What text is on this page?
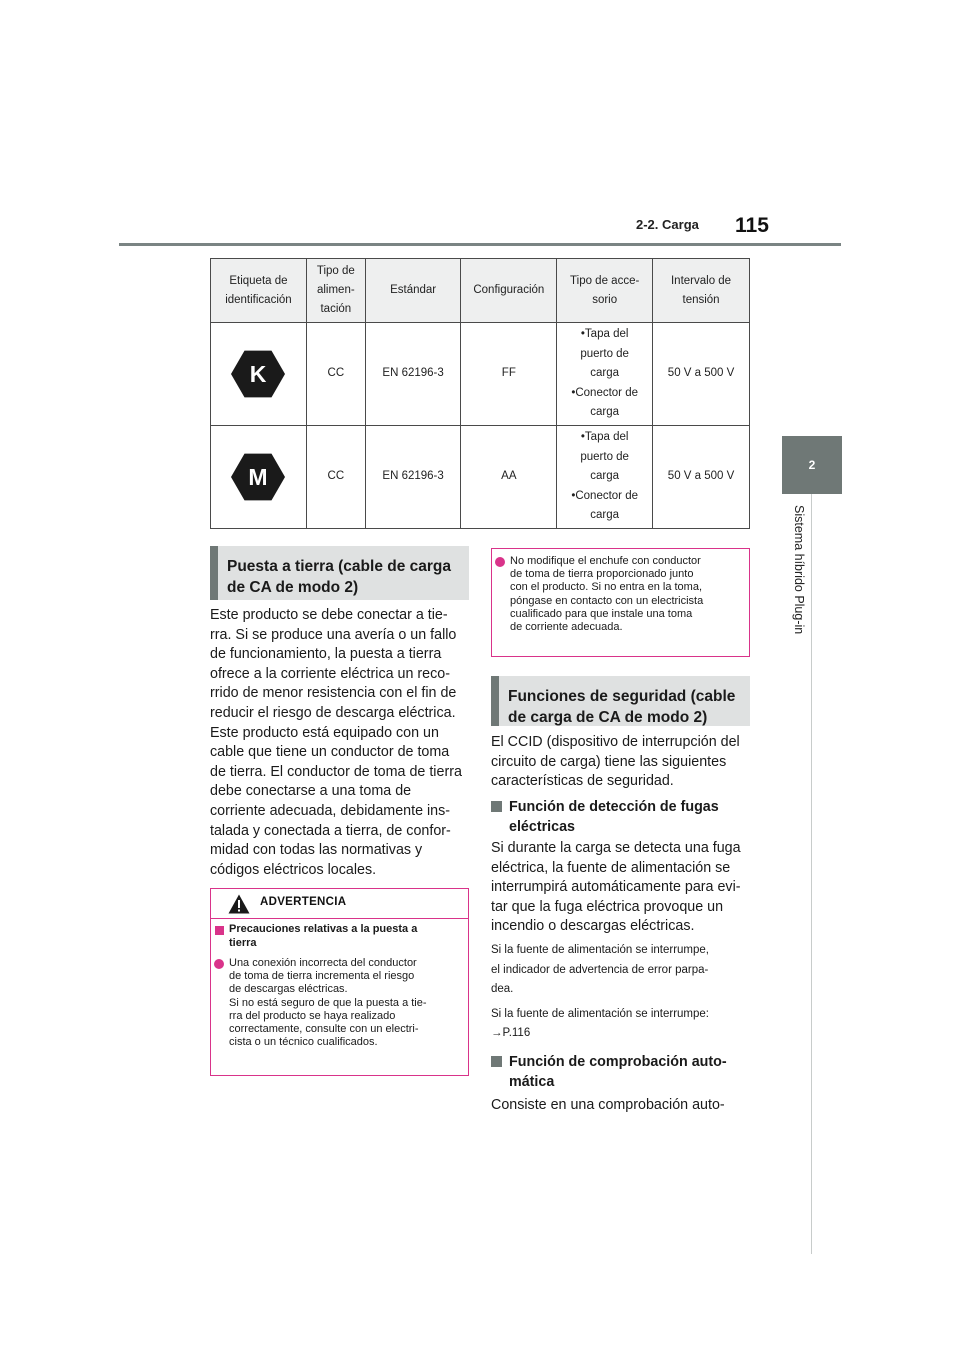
2-2. Carga 115
2
Sistema híbrido Plug-in
Etiqueta de identificación	Tipo de alimen- tación	Estándar	Configuración	Tipo de acce- sorio	Intervalo de tensión

K	CC	EN 62196-3	FF	•Tapa del
puerto de
carga
•Conector de
carga	50 V a 500 V

M	CC	EN 62196-3	AA	•Tapa del
puerto de
carga
•Conector de
carga	50 V a 500 V
Puesta a tierra (cable de carga
de CA de modo 2)
Este producto se debe conectar a tie-
rra. Si se produce una avería o un fallo
de funcionamiento, la puesta a tierra
ofrece a la corriente eléctrica un reco-
rrido de menor resistencia con el fin de
reducir el riesgo de descarga eléctrica.
Este producto está equipado con un
cable que tiene un conductor de toma
de tierra. El conductor de toma de tierra
debe conectarse a una toma de
corriente adecuada, debidamente ins-
talada y conectada a tierra, de confor-
midad con todas las normativas y
códigos eléctricos locales.
ADVERTENCIA
Precauciones relativas a la puesta a
tierra
Una conexión incorrecta del conductor
de toma de tierra incrementa el riesgo
de descargas eléctricas.
Si no está seguro de que la puesta a tie-
rra del producto se haya realizado
correctamente, consulte con un electri-
cista o un técnico cualificados.
No modifique el enchufe con conductor
de toma de tierra proporcionado junto
con el producto. Si no entra en la toma,
póngase en contacto con un electricista
cualificado para que instale una toma
de corriente adecuada.
Funciones de seguridad (cable
de carga de CA de modo 2)
El CCID (dispositivo de interrupción del
circuito de carga) tiene las siguientes
características de seguridad.
Función de detección de fugas
eléctricas
Si durante la carga se detecta una fuga
eléctrica, la fuente de alimentación se
interrumpirá automáticamente para evi-
tar que la fuga eléctrica provoque un
incendio o descargas eléctricas.
Si la fuente de alimentación se interrumpe,
el indicador de advertencia de error parpa-
dea.
Si la fuente de alimentación se interrumpe:
→P.116
Función de comprobación auto-
mática
Consiste en una comprobación auto-
